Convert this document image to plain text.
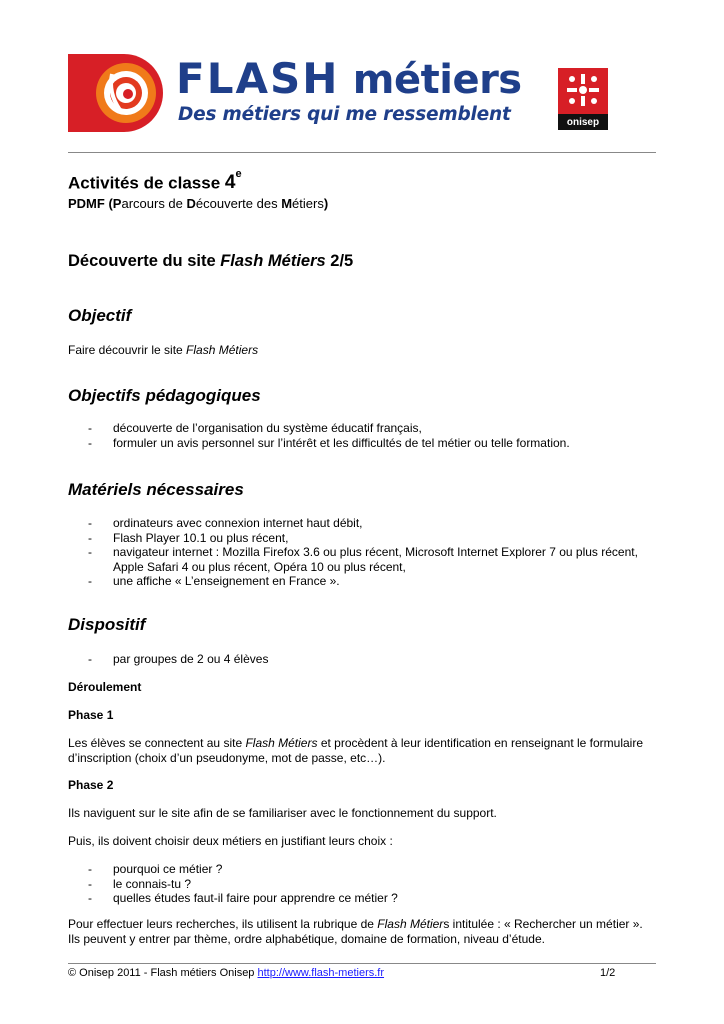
FLASH métiers
Des métiers qui me ressemblent	onisep
Activités de classe 4e
PDMF (Parcours de Découverte des Métiers)
Découverte du site Flash Métiers 2/5
Objectif
Faire découvrir le site Flash Métiers
Objectifs pédagogiques
- découverte de l’organisation du système éducatif français,
- formuler un avis personnel sur l’intérêt et les difficultés de tel métier ou telle formation.
Matériels nécessaires
- ordinateurs avec connexion internet haut débit,
- Flash Player 10.1 ou plus récent,
- navigateur internet : Mozilla Firefox 3.6 ou plus récent, Microsoft Internet Explorer 7 ou plus récent, Apple Safari 4 ou plus récent, Opéra 10 ou plus récent,
- une affiche « L’enseignement en France ».
Dispositif
- par groupes de 2 ou 4 élèves
Déroulement
Phase 1
Les élèves se connectent au site Flash Métiers et procèdent à leur identification en renseignant le formulaire d’inscription (choix d’un pseudonyme, mot de passe, etc…).
Phase 2
Ils naviguent sur le site afin de se familiariser avec le fonctionnement du support.
Puis, ils doivent choisir deux métiers en justifiant leurs choix :
- pourquoi ce métier ?
- le connais-tu ?
- quelles études faut-il faire pour apprendre ce métier ?
Pour effectuer leurs recherches, ils utilisent la rubrique de Flash Métiers intitulée : « Rechercher un métier ». Ils peuvent y entrer par thème, ordre alphabétique, domaine de formation, niveau d’étude.
© Onisep 2011 - Flash métiers Onisep http://www.flash-metiers.fr	1/2
